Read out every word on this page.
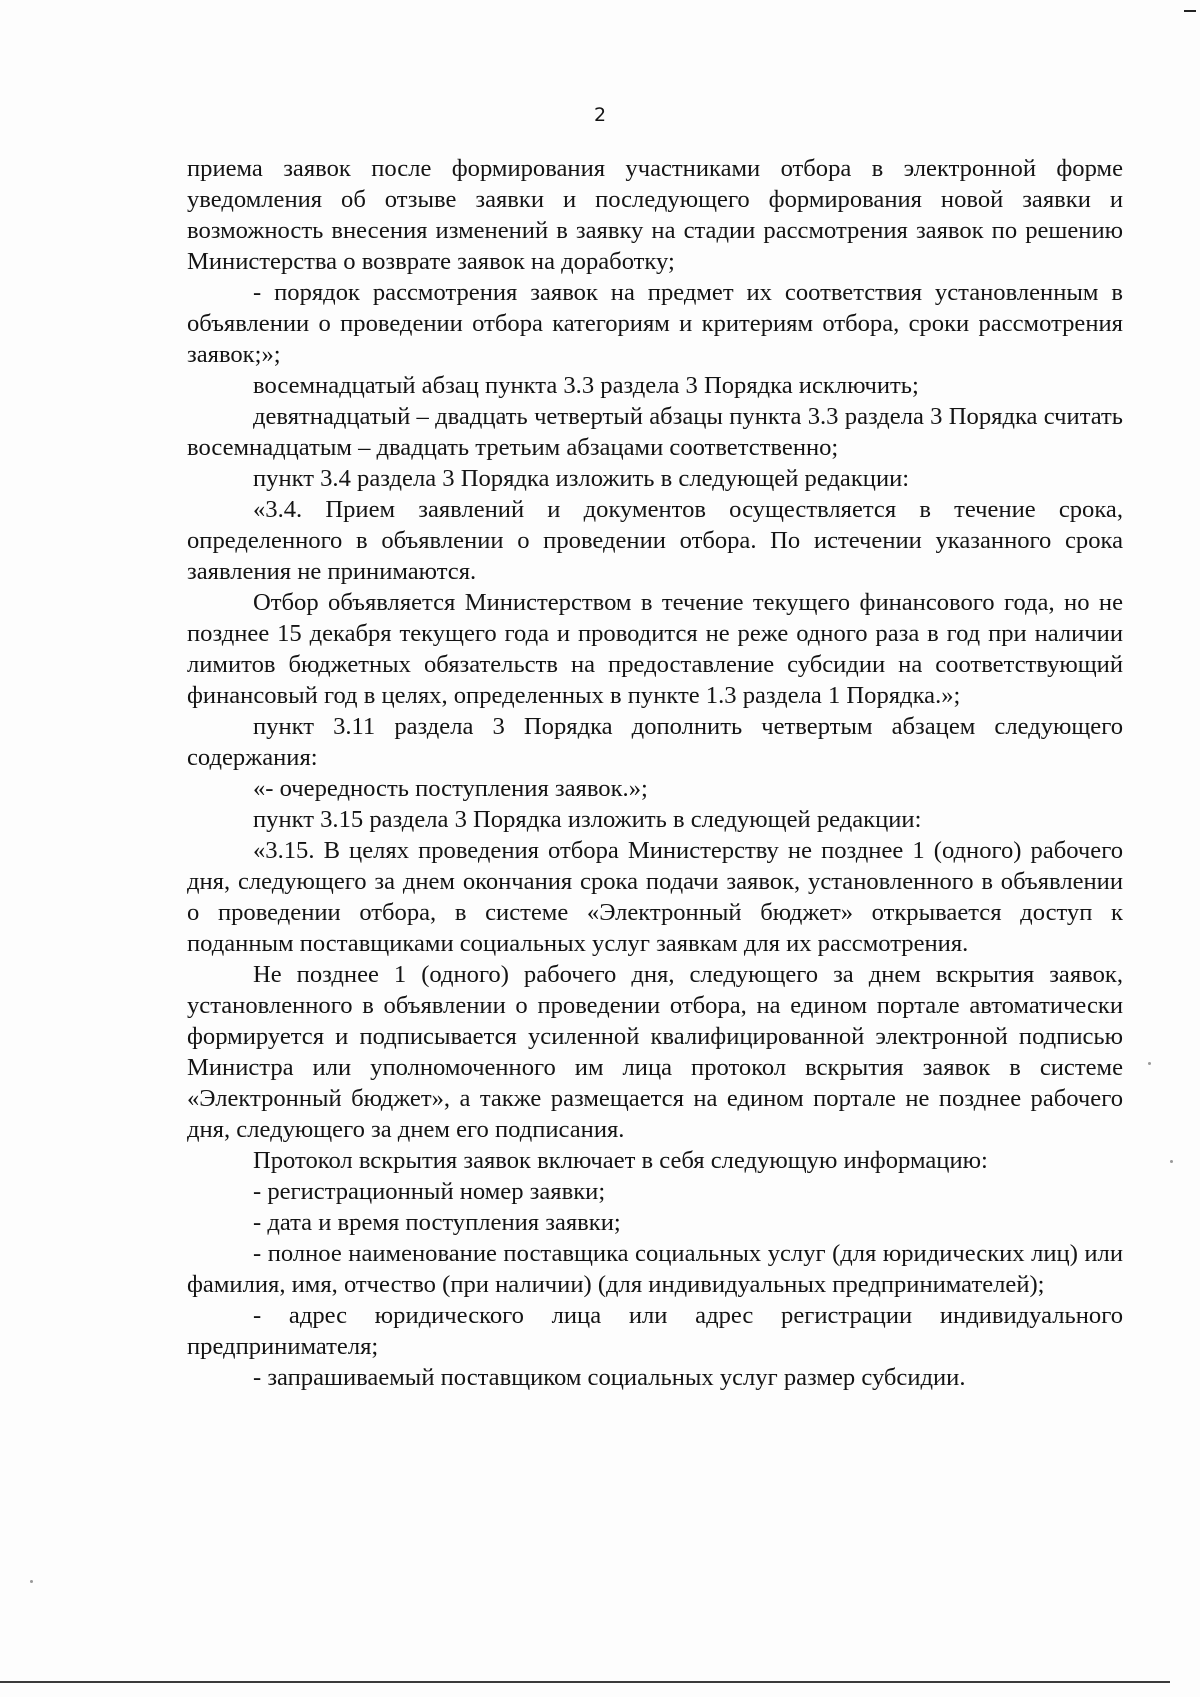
2

приема заявок после формирования участниками отбора в электронной форме уведомления об отзыве заявки и последующего формирования новой заявки и возможность внесения изменений в заявку на стадии рассмотрения заявок по решению Министерства о возврате заявок на доработку;

- порядок рассмотрения заявок на предмет их соответствия установленным в объявлении о проведении отбора категориям и критериям отбора, сроки рассмотрения заявок;»;

восемнадцатый абзац пункта 3.3 раздела 3 Порядка исключить;

девятнадцатый – двадцать четвертый абзацы пункта 3.3 раздела 3 Порядка считать восемнадцатым – двадцать третьим абзацами соответственно;

пункт 3.4 раздела 3 Порядка изложить в следующей редакции:

«3.4. Прием заявлений и документов осуществляется в течение срока, определенного в объявлении о проведении отбора. По истечении указанного срока заявления не принимаются.

Отбор объявляется Министерством в течение текущего финансового года, но не позднее 15 декабря текущего года и проводится не реже одного раза в год при наличии лимитов бюджетных обязательств на предоставление субсидии на соответствующий финансовый год в целях, определенных в пункте 1.3 раздела 1 Порядка.»;

пункт 3.11 раздела 3 Порядка дополнить четвертым абзацем следующего содержания:

«- очередность поступления заявок.»;

пункт 3.15 раздела 3 Порядка изложить в следующей редакции:

«3.15. В целях проведения отбора Министерству не позднее 1 (одного) рабочего дня, следующего за днем окончания срока подачи заявок, установленного в объявлении о проведении отбора, в системе «Электронный бюджет» открывается доступ к поданным поставщиками социальных услуг заявкам для их рассмотрения.

Не позднее 1 (одного) рабочего дня, следующего за днем вскрытия заявок, установленного в объявлении о проведении отбора, на едином портале автоматически формируется и подписывается усиленной квалифицированной электронной подписью Министра или уполномоченного им лица протокол вскрытия заявок в системе «Электронный бюджет», а также размещается на едином портале не позднее рабочего дня, следующего за днем его подписания.

Протокол вскрытия заявок включает в себя следующую информацию:

- регистрационный номер заявки;

- дата и время поступления заявки;

- полное наименование поставщика социальных услуг (для юридических лиц) или фамилия, имя, отчество (при наличии) (для индивидуальных предпринимателей);

- адрес юридического лица или адрес регистрации индивидуального предпринимателя;

- запрашиваемый поставщиком социальных услуг размер субсидии.
